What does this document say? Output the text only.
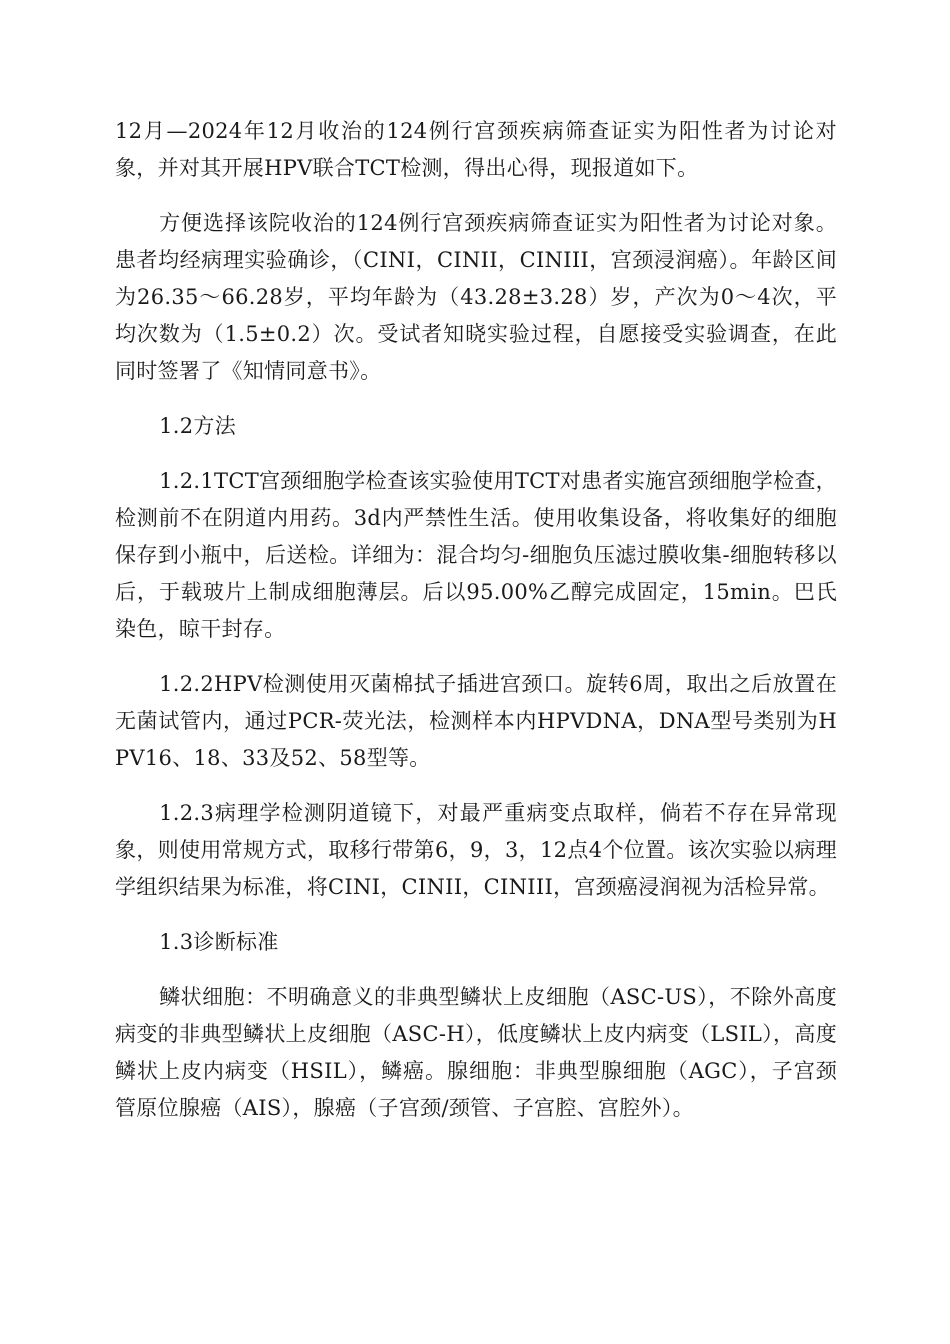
12月—2024年12月收治的124例行宫颈疾病筛查证实为阳性者为讨论对象，并对其开展HPV联合TCT检测，得出心得，现报道如下。

方便选择该院收治的124例行宫颈疾病筛查证实为阳性者为讨论对象。患者均经病理实验确诊，（CINI，CINII，CINIII，宫颈浸润癌）。年龄区间为26.35～66.28岁，平均年龄为（43.28±3.28）岁，产次为0～4次，平均次数为（1.5±0.2）次。受试者知晓实验过程，自愿接受实验调查，在此同时签署了《知情同意书》。

1.2方法

1.2.1TCT宫颈细胞学检查该实验使用TCT对患者实施宫颈细胞学检查，检测前不在阴道内用药。3d内严禁性生活。使用收集设备，将收集好的细胞保存到小瓶中，后送检。详细为：混合均匀-细胞负压滤过膜收集-细胞转移以后，于载玻片上制成细胞薄层。后以95.00%乙醇完成固定，15min。巴氏染色，晾干封存。

1.2.2HPV检测使用灭菌棉拭子插进宫颈口。旋转6周，取出之后放置在无菌试管内，通过PCR-荧光法，检测样本内HPVDNA，DNA型号类别为HPV16、18、33及52、58型等。

1.2.3病理学检测阴道镜下，对最严重病变点取样，倘若不存在异常现象，则使用常规方式，取移行带第6，9，3，12点4个位置。该次实验以病理学组织结果为标准，将CINI，CINII，CINIII，宫颈癌浸润视为活检异常。

1.3诊断标准

鳞状细胞：不明确意义的非典型鳞状上皮细胞（ASC-US），不除外高度病变的非典型鳞状上皮细胞（ASC-H），低度鳞状上皮内病变（LSIL），高度鳞状上皮内病变（HSIL），鳞癌。腺细胞：非典型腺细胞（AGC），子宫颈管原位腺癌（AIS），腺癌（子宫颈/颈管、子宫腔、宫腔外）。
